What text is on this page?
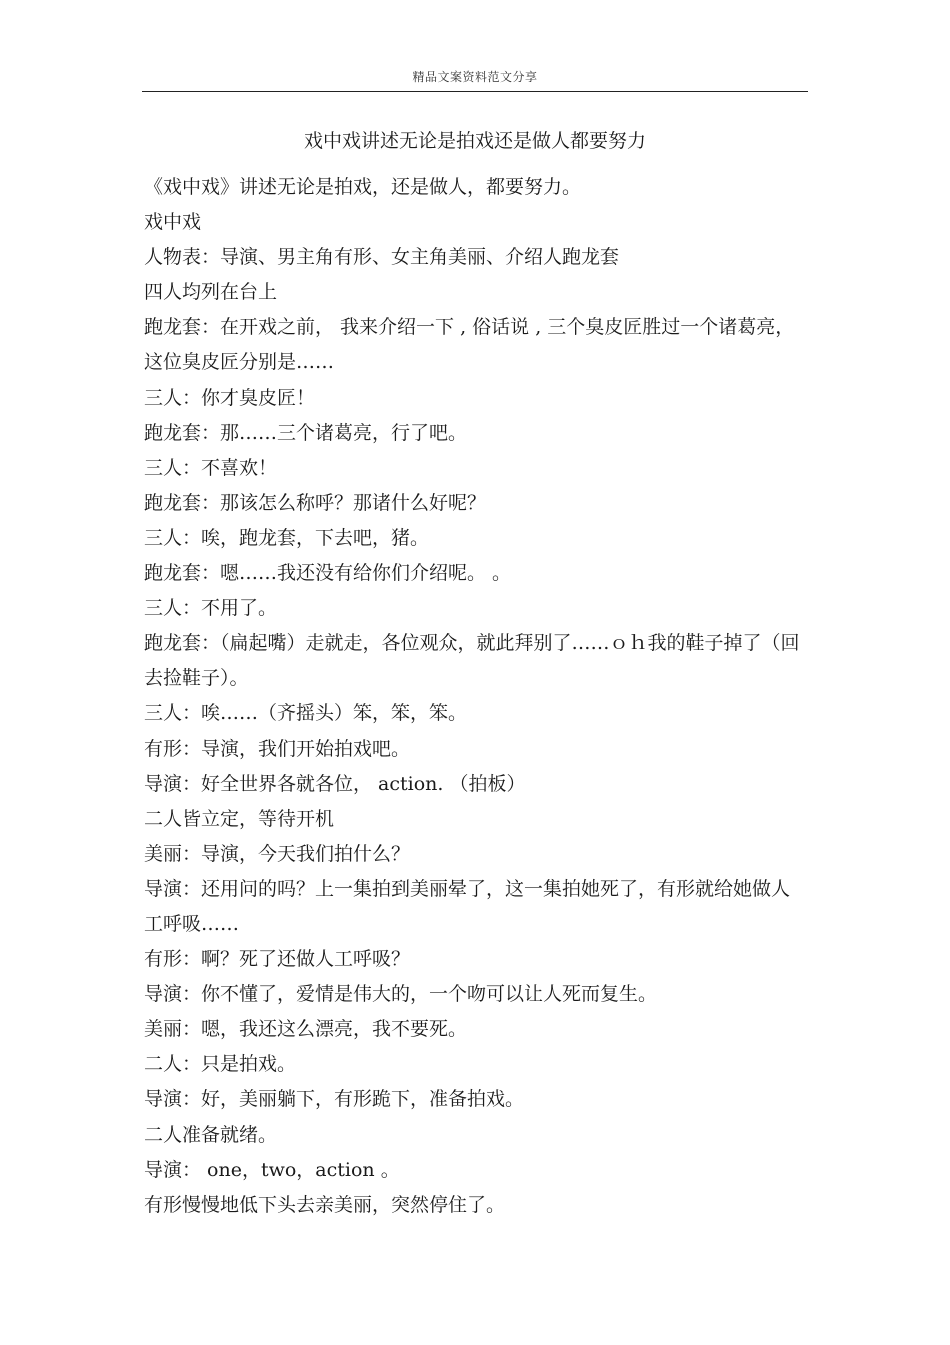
精品文案资料范文分享
戏中戏讲述无论是拍戏还是做人都要努力

《戏中戏》讲述无论是拍戏，还是做人，都要努力。

戏中戏

人物表：导演、男主角有形、女主角美丽、介绍人跑龙套

四人均列在台上

跑龙套：在开戏之前， 我来介绍一下 , 俗话说 , 三个臭皮匠胜过一个诸葛亮，这位臭皮匠分别是……

三人：你才臭皮匠！

跑龙套：那……三个诸葛亮，行了吧。

三人：不喜欢！

跑龙套：那该怎么称呼？那诸什么好呢？

三人：唉，跑龙套，下去吧，猪。

跑龙套：嗯……我还没有给你们介绍呢。 。

三人：不用了。

跑龙套：（扁起嘴）走就走，各位观众，就此拜别了……ｏｈ我的鞋子掉了（回去捡鞋子）。

三人：唉……（齐摇头）笨，笨，笨。

有形：导演，我们开始拍戏吧。

导演：好全世界各就各位， action. （拍板）

二人皆立定，等待开机

美丽：导演，今天我们拍什么？

导演：还用问的吗？上一集拍到美丽晕了，这一集拍她死了，有形就给她做人工呼吸……

有形：啊？死了还做人工呼吸？

导演：你不懂了，爱情是伟大的，一个吻可以让人死而复生。

美丽：嗯，我还这么漂亮，我不要死。

二人：只是拍戏。

导演：好，美丽躺下，有形跪下，准备拍戏。

二人准备就绪。

导演： one，two，action 。

有形慢慢地低下头去亲美丽，突然停住了。
